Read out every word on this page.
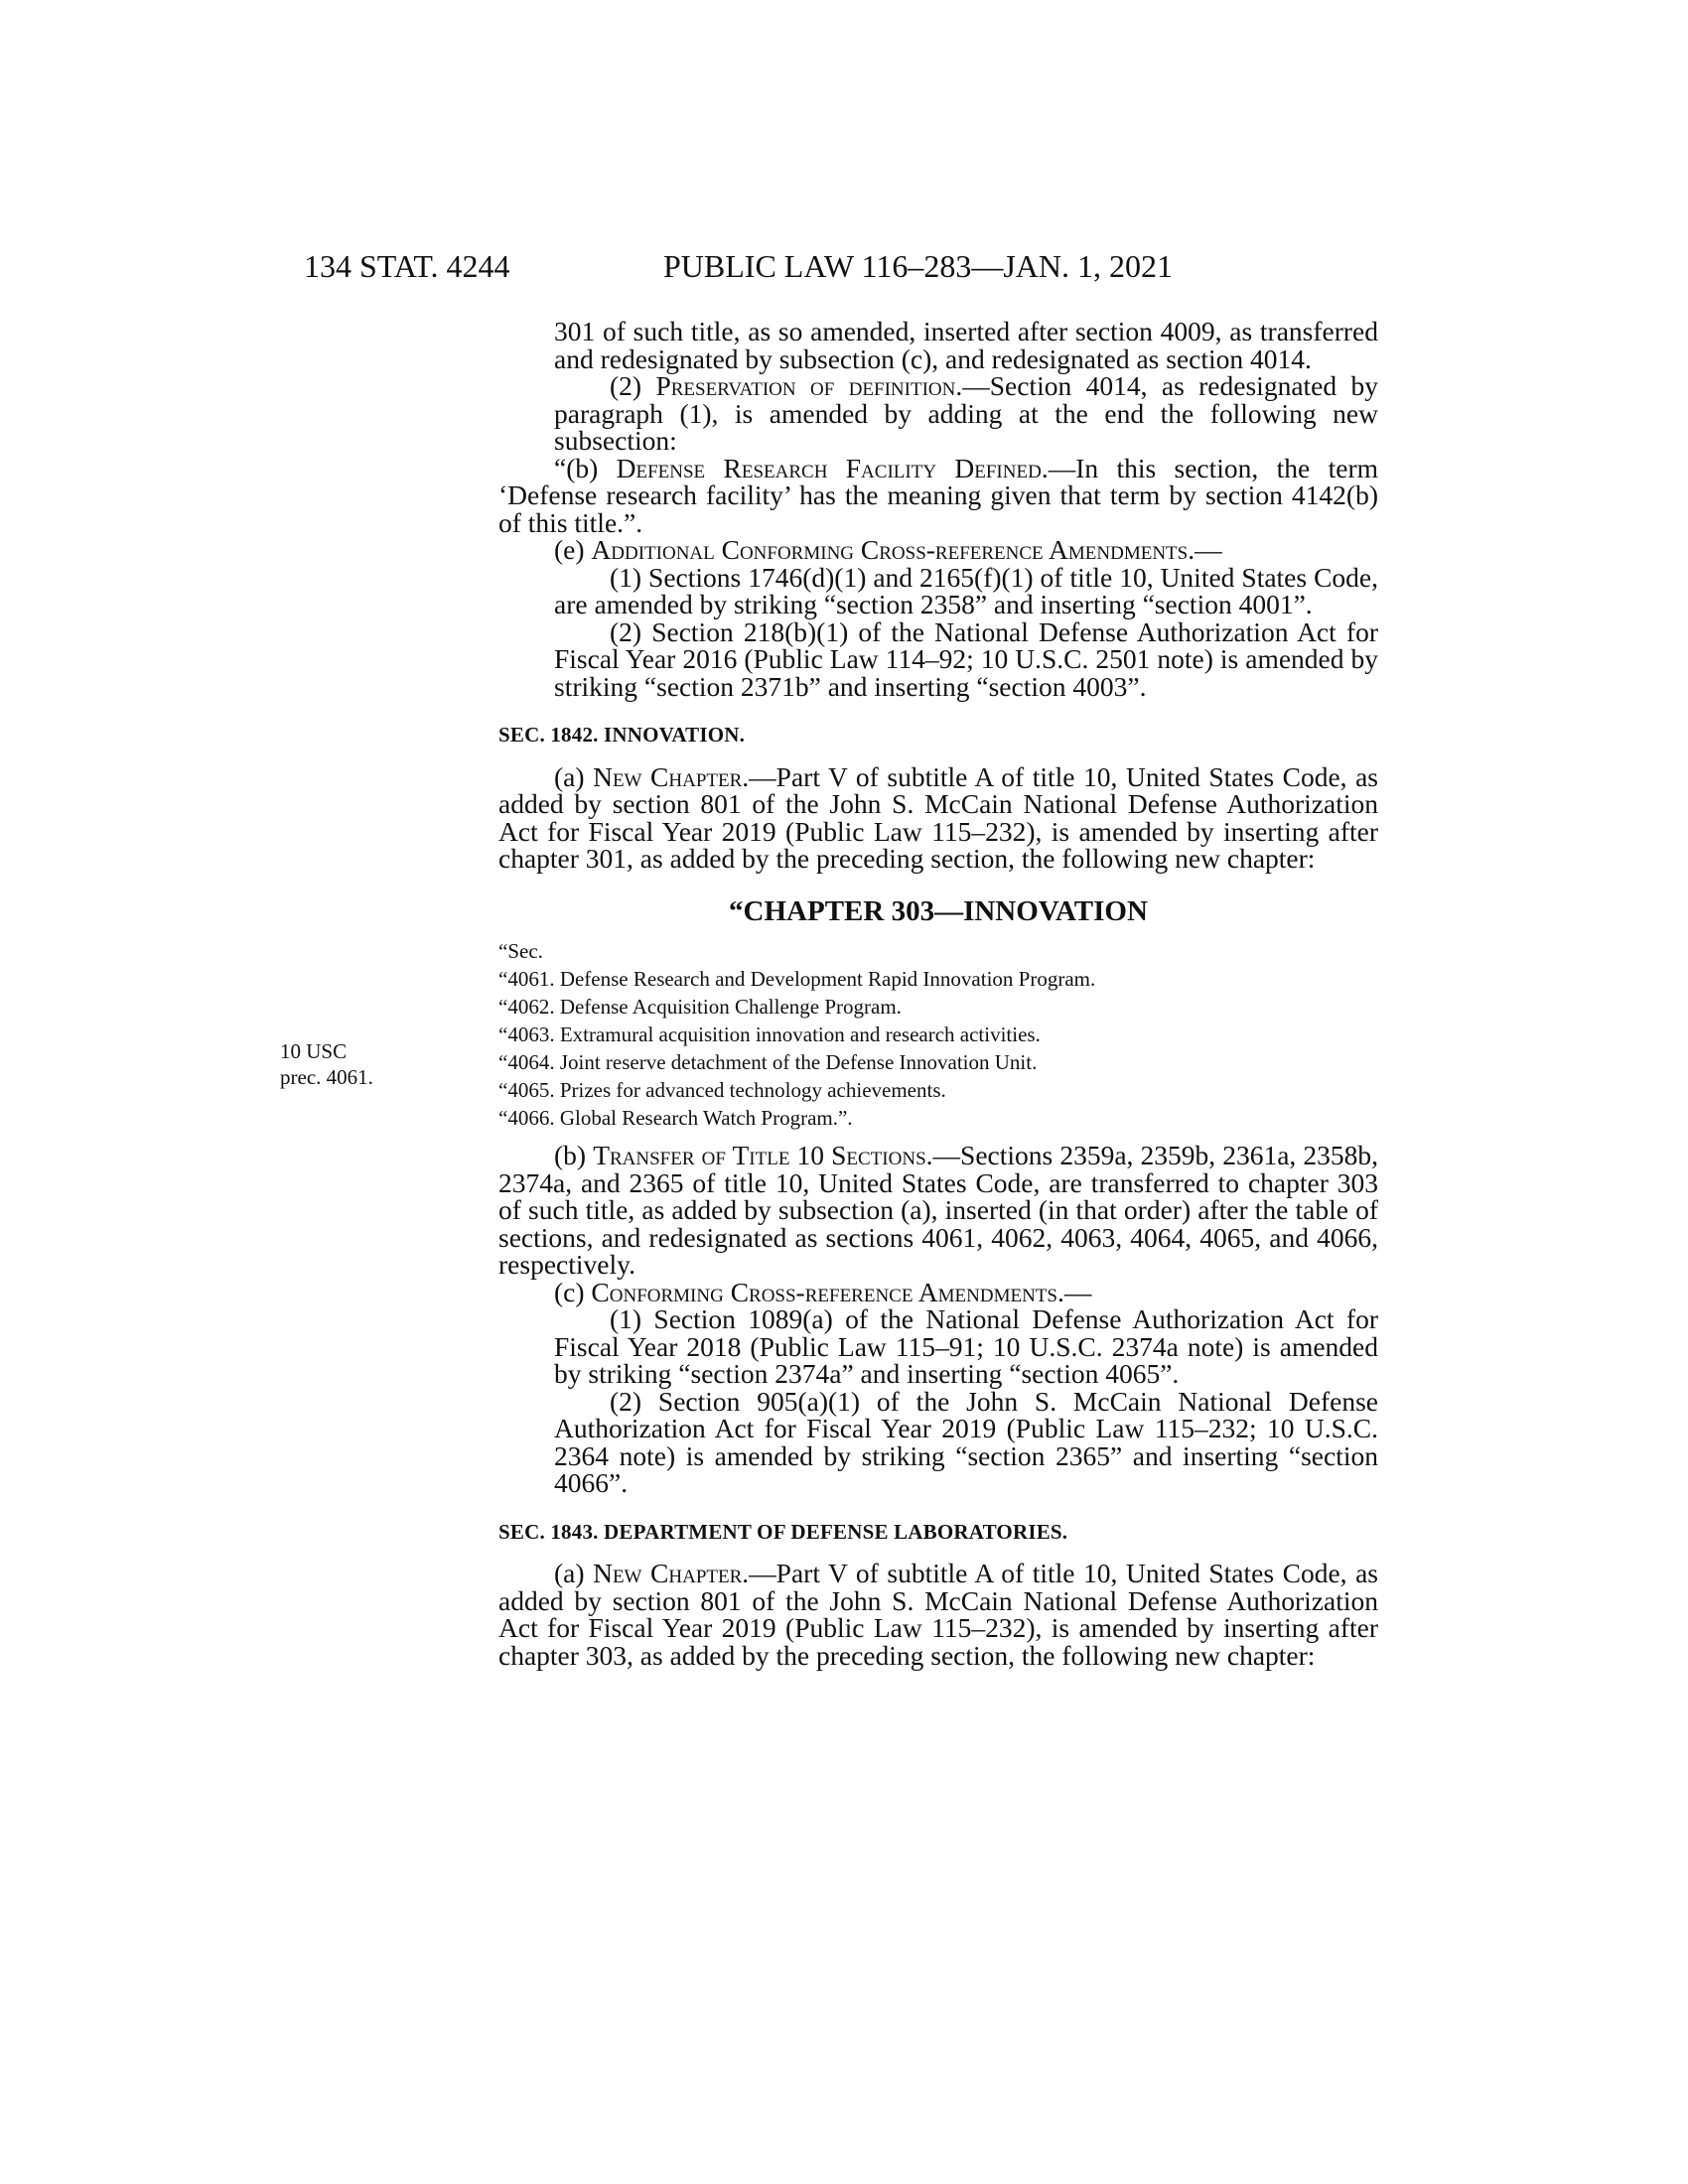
134 STAT. 4244	PUBLIC LAW 116–283—JAN. 1, 2021
10 USC
prec. 4061.

301 of such title, as so amended, inserted after section 4009, as transferred and redesignated by subsection (c), and redesignated as section 4014.

(2) Preservation of definition.—Section 4014, as redesignated by paragraph (1), is amended by adding at the end the following new subsection:

“(b) Defense Research Facility Defined.—In this section, the term ‘Defense research facility’ has the meaning given that term by section 4142(b) of this title.”.

(e) Additional Conforming Cross-reference Amendments.—

(1) Sections 1746(d)(1) and 2165(f)(1) of title 10, United States Code, are amended by striking “section 2358” and inserting “section 4001”.

(2) Section 218(b)(1) of the National Defense Authorization Act for Fiscal Year 2016 (Public Law 114–92; 10 U.S.C. 2501 note) is amended by striking “section 2371b” and inserting “section 4003”.

SEC. 1842. INNOVATION.

(a) New Chapter.—Part V of subtitle A of title 10, United States Code, as added by section 801 of the John S. McCain National Defense Authorization Act for Fiscal Year 2019 (Public Law 115–232), is amended by inserting after chapter 301, as added by the preceding section, the following new chapter:

“CHAPTER 303—INNOVATION

“Sec.

“4061. Defense Research and Development Rapid Innovation Program.

“4062. Defense Acquisition Challenge Program.

“4063. Extramural acquisition innovation and research activities.

“4064. Joint reserve detachment of the Defense Innovation Unit.

“4065. Prizes for advanced technology achievements.

“4066. Global Research Watch Program.”.

(b) Transfer of Title 10 Sections.—Sections 2359a, 2359b, 2361a, 2358b, 2374a, and 2365 of title 10, United States Code, are transferred to chapter 303 of such title, as added by subsection (a), inserted (in that order) after the table of sections, and redesignated as sections 4061, 4062, 4063, 4064, 4065, and 4066, respectively.

(c) Conforming Cross-reference Amendments.—

(1) Section 1089(a) of the National Defense Authorization Act for Fiscal Year 2018 (Public Law 115–91; 10 U.S.C. 2374a note) is amended by striking “section 2374a” and inserting “section 4065”.

(2) Section 905(a)(1) of the John S. McCain National Defense Authorization Act for Fiscal Year 2019 (Public Law 115–232; 10 U.S.C. 2364 note) is amended by striking “section 2365” and inserting “section 4066”.

SEC. 1843. DEPARTMENT OF DEFENSE LABORATORIES.

(a) New Chapter.—Part V of subtitle A of title 10, United States Code, as added by section 801 of the John S. McCain National Defense Authorization Act for Fiscal Year 2019 (Public Law 115–232), is amended by inserting after chapter 303, as added by the preceding section, the following new chapter:
